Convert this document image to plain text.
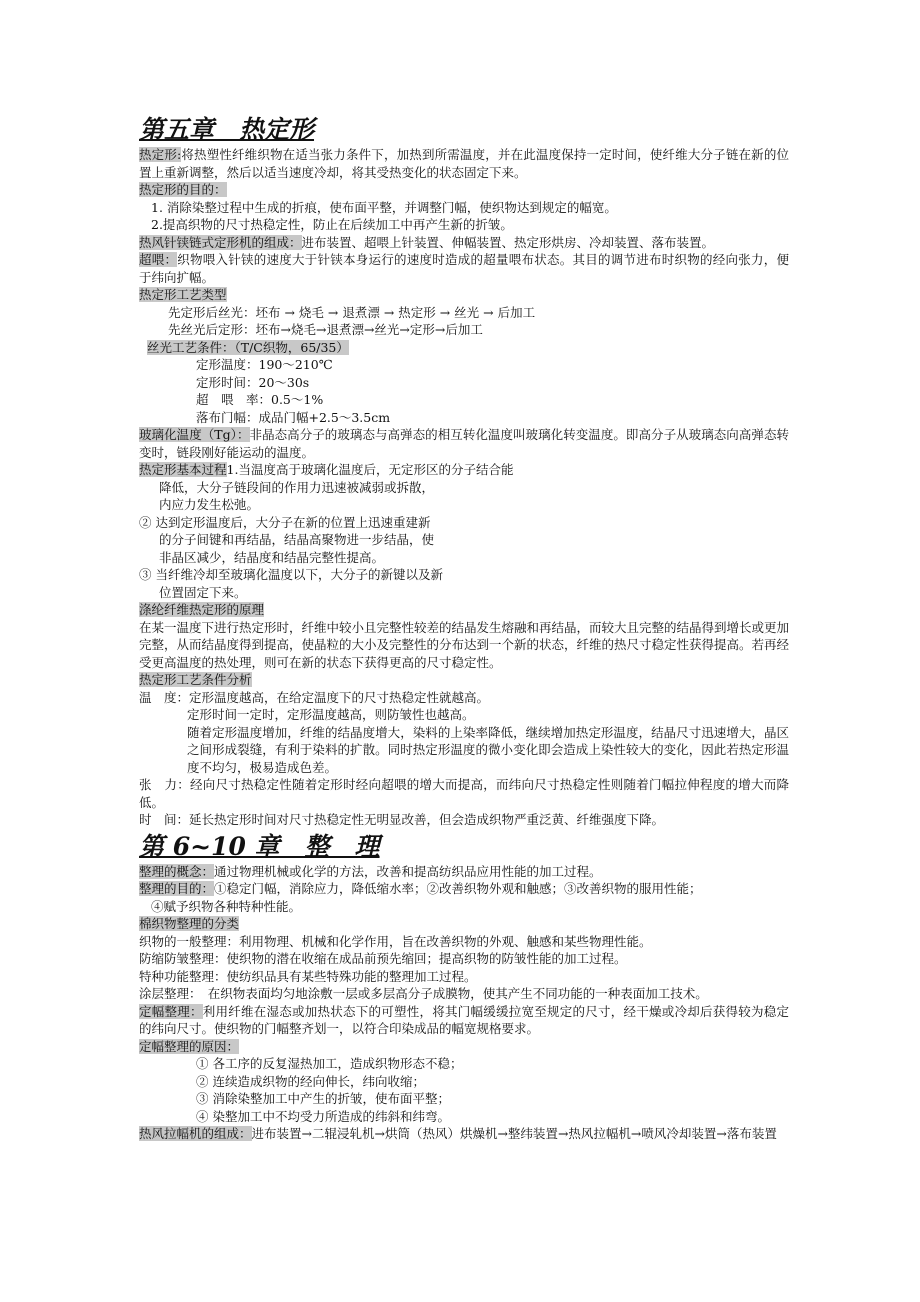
第五章　热定形
热定形:将热塑性纤维织物在适当张力条件下，加热到所需温度，并在此温度保持一定时间，使纤维大分子链在新的位置上重新调整，然后以适当速度冷却，将其受热变化的状态固定下来。
热定形的目的：
1. 消除染整过程中生成的折痕，使布面平整，并调整门幅，使织物达到规定的幅宽。
2.提高织物的尺寸热稳定性，防止在后续加工中再产生新的折皱。
热风针铗链式定形机的组成：进布装置、超喂上针装置、伸幅装置、热定形烘房、冷却装置、落布装置。
超喂：织物喂入针铗的速度大于针铗本身运行的速度时造成的超量喂布状态。其目的调节进布时织物的经向张力，便于纬向扩幅。
热定形工艺类型
先定形后丝光：坯布 → 烧毛 → 退煮漂 → 热定形 → 丝光 → 后加工
先丝光后定形：坯布→烧毛→退煮漂→丝光→定形→后加工
丝光工艺条件：（T/C织物，65/35）
定形温度：190～210℃
定形时间：20～30s
超　喂　率：0.5～1%
落布门幅：成品门幅+2.5～3.5cm
玻璃化温度（Tg）：非晶态高分子的玻璃态与高弹态的相互转化温度叫玻璃化转变温度。即高分子从玻璃态向高弹态转变时，链段刚好能运动的温度。
热定形基本过程1.当温度高于玻璃化温度后，无定形区的分子结合能
降低，大分子链段间的作用力迅速被减弱或拆散，
内应力发生松弛。
② 达到定形温度后，大分子在新的位置上迅速重建新
的分子间键和再结晶，结晶高聚物进一步结晶，使
非晶区减少，结晶度和结晶完整性提高。
③ 当纤维冷却至玻璃化温度以下，大分子的新键以及新
位置固定下来。
涤纶纤维热定形的原理
在某一温度下进行热定形时，纤维中较小且完整性较差的结晶发生熔融和再结晶，而较大且完整的结晶得到增长或更加完整，从而结晶度得到提高，使晶粒的大小及完整性的分布达到一个新的状态，纤维的热尺寸稳定性获得提高。若再经受更高温度的热处理，则可在新的状态下获得更高的尺寸稳定性。
热定形工艺条件分析
温　度：定形温度越高，在给定温度下的尺寸热稳定性就越高。
定形时间一定时，定形温度越高，则防皱性也越高。
随着定形温度增加，纤维的结晶度增大，染料的上染率降低，继续增加热定形温度，结晶尺寸迅速增大，晶区之间形成裂缝，有利于染料的扩散。同时热定形温度的微小变化即会造成上染性较大的变化，因此若热定形温度不均匀，极易造成色差。
张　力：经向尺寸热稳定性随着定形时经向超喂的增大而提高，而纬向尺寸热稳定性则随着门幅拉伸程度的增大而降低。
时　间：延长热定形时间对尺寸热稳定性无明显改善，但会造成织物严重泛黄、纤维强度下降。
第 6~10 章　整　理
整理的概念：通过物理机械或化学的方法，改善和提高纺织品应用性能的加工过程。
整理的目的：①稳定门幅，消除应力，降低缩水率；②改善织物外观和触感；③改善织物的服用性能；
④赋予织物各种特种性能。
棉织物整理的分类
织物的一般整理：利用物理、机械和化学作用，旨在改善织物的外观、触感和某些物理性能。
防缩防皱整理：使织物的潜在收缩在成品前预先缩回；提高织物的防皱性能的加工过程。
特种功能整理：使纺织品具有某些特殊功能的整理加工过程。
涂层整理：　在织物表面均匀地涂敷一层或多层高分子成膜物，使其产生不同功能的一种表面加工技术。
定幅整理：利用纤维在湿态或加热状态下的可塑性，将其门幅缓缓拉宽至规定的尺寸，经干燥或冷却后获得较为稳定的纬向尺寸。使织物的门幅整齐划一，以符合印染成品的幅宽规格要求。
定幅整理的原因：
① 各工序的反复湿热加工，造成织物形态不稳；
② 连续造成织物的经向伸长，纬向收缩；
③ 消除染整加工中产生的折皱，使布面平整；
④ 染整加工中不均受力所造成的纬斜和纬弯。
热风拉幅机的组成：进布装置→二辊浸轧机→烘筒（热风）烘燥机→整纬装置→热风拉幅机→喷风冷却装置→落布装置
